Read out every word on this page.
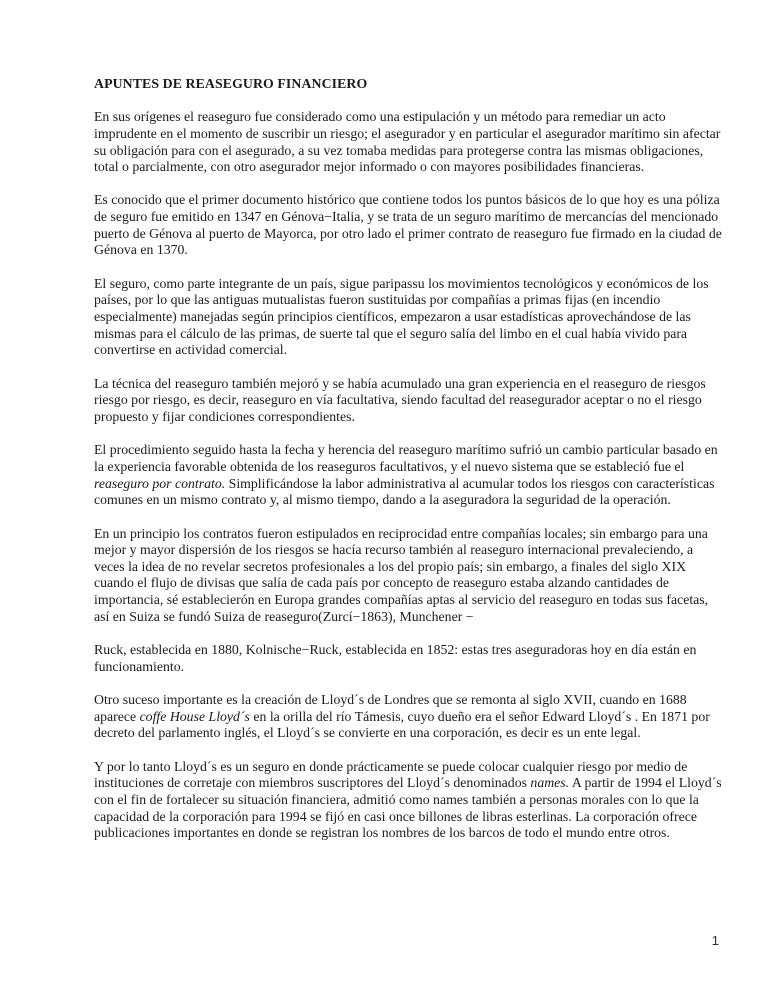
APUNTES DE REASEGURO FINANCIERO

En sus orígenes el reaseguro fue considerado como una estipulación y un método para remediar un acto imprudente en el momento de suscribir un riesgo; el asegurador y en particular el asegurador marítimo sin afectar su obligación para con el asegurado, a su vez tomaba medidas para protegerse contra las mismas obligaciones, total o parcialmente, con otro asegurador mejor informado o con mayores posibilidades financieras.

Es conocido que el primer documento histórico que contiene todos los puntos básicos de lo que hoy es una póliza de seguro fue emitido en 1347 en Génova−Italia, y se trata de un seguro marítimo de mercancías del mencionado puerto de Génova al puerto de Mayorca, por otro lado el primer contrato de reaseguro fue firmado en la ciudad de Génova en 1370.

El seguro, como parte integrante de un país, sigue paripassu los movimientos tecnológicos y económicos de los países, por lo que las antiguas mutualistas fueron sustituidas por compañías a primas fijas (en incendio especialmente) manejadas según principios científicos, empezaron a usar estadísticas aprovechándose de las mismas para el cálculo de las primas, de suerte tal que el seguro salía del limbo en el cual había vivido para convertirse en actividad comercial.

La técnica del reaseguro también mejoró y se había acumulado una gran experiencia en el reaseguro de riesgos riesgo por riesgo, es decir, reaseguro en vía facultativa, siendo facultad del reasegurador aceptar o no el riesgo propuesto y fijar condiciones correspondientes.

El procedimiento seguido hasta la fecha y herencia del reaseguro marítimo sufrió un cambio particular basado en la experiencia favorable obtenida de los reaseguros facultativos, y el nuevo sistema que se estableció fue el reaseguro por contrato. Simplificándose la labor administrativa al acumular todos los riesgos con características comunes en un mismo contrato y, al mismo tiempo, dando a la aseguradora la seguridad de la operación.

En un principio los contratos fueron estipulados en reciprocidad entre compañías locales; sin embargo para una mejor y mayor dispersión de los riesgos se hacía recurso también al reaseguro internacional prevaleciendo, a veces la idea de no revelar secretos profesionales a los del propio país; sin embargo, a finales del siglo XIX cuando el flujo de divisas que salía de cada país por concepto de reaseguro estaba alzando cantidades de importancia, sé establecierón en Europa grandes compañías aptas al servicio del reaseguro en todas sus facetas, así en Suiza se fundó Suiza de reaseguro(Zurcí−1863), Munchener −

Ruck, establecida en 1880, Kolnische−Ruck, establecida en 1852: estas tres aseguradoras hoy en día están en funcionamiento.

Otro suceso importante es la creación de Lloyd´s de Londres que se remonta al siglo XVII, cuando en 1688 aparece coffe House Lloyd´s en la orilla del río Támesis, cuyo dueño era el señor Edward Lloyd´s . En 1871 por decreto del parlamento inglés, el Lloyd´s se convierte en una corporación, es decir es un ente legal.

Y por lo tanto Lloyd´s es un seguro en donde prácticamente se puede colocar cualquier riesgo por medio de instituciones de corretaje con miembros suscriptores del Lloyd´s denominados names. A partir de 1994 el Lloyd´s con el fin de fortalecer su situación financiera, admitió como names también a personas morales con lo que la capacidad de la corporación para 1994 se fijó en casi once billones de libras esterlinas. La corporación ofrece publicaciones importantes en donde se registran los nombres de los barcos de todo el mundo entre otros.

1
